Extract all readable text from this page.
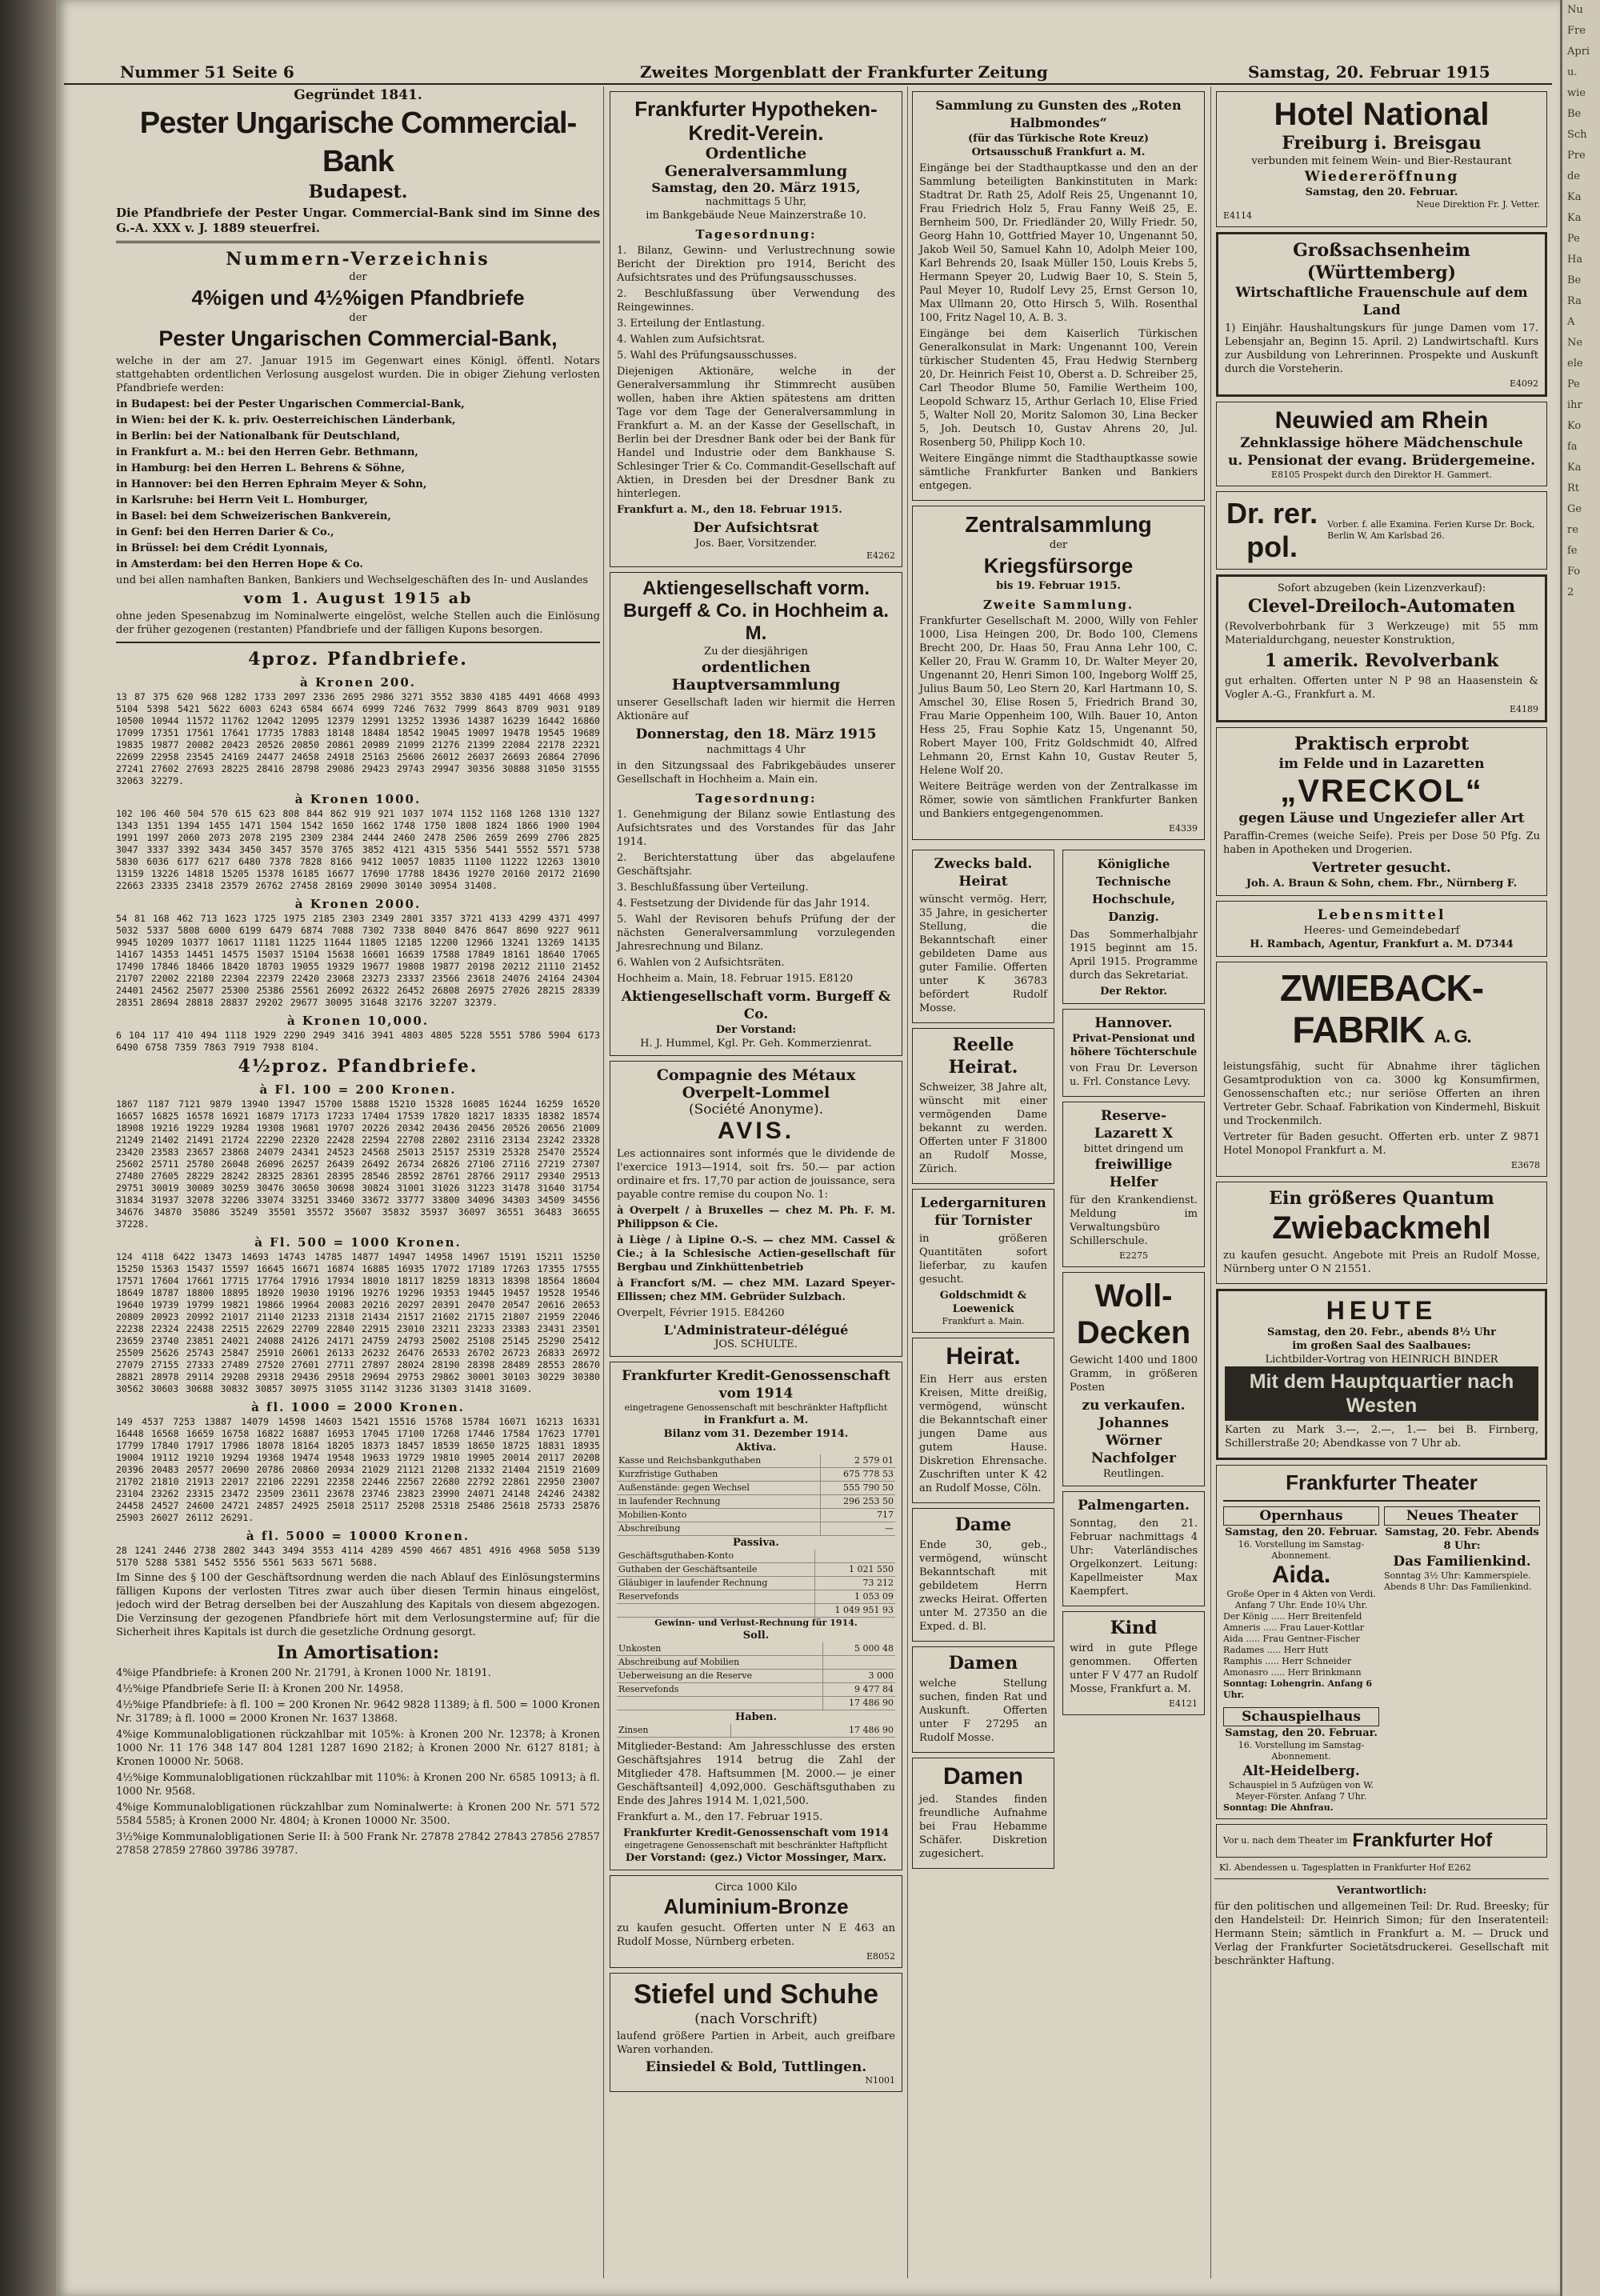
Nu
Fre
Apri
u.
wie
Be
Sch
Pre
de
Ka
Ka
Pe
Ha
Be
Ra
A
Ne
ele
Pe
ihr
Ko
fa
Ka
Rt
Ge
re
fe
Fo
2
Nummer 51 Seite 6	Zweites Morgenblatt der Frankfurter Zeitung	Samstag, 20. Februar 1915
Gegründet 1841.
Pester Ungarische Commercial-Bank
Budapest.
Die Pfandbriefe der Pester Ungar. Commercial-Bank sind im Sinne des G.-A. XXX v. J. 1889 steuerfrei.
Nummern-Verzeichnis
der
4%igen und 4½%igen Pfandbriefe
der
Pester Ungarischen Commercial-Bank,
welche in der am 27. Januar 1915 im Gegenwart eines Königl. öffentl. Notars stattgehabten ordentlichen Verlosung ausgelost wurden. Die in obiger Ziehung verlosten Pfandbriefe werden:
in Budapest: bei der Pester Ungarischen Commercial-Bank,
in Wien: bei der K. k. priv. Oesterreichischen Länderbank,
in Berlin: bei der Nationalbank für Deutschland,
in Frankfurt a. M.: bei den Herren Gebr. Bethmann,
in Hamburg: bei den Herren L. Behrens & Söhne,
in Hannover: bei den Herren Ephraim Meyer & Sohn,
in Karlsruhe: bei Herrn Veit L. Homburger,
in Basel: bei dem Schweizerischen Bankverein,
in Genf: bei den Herren Darier & Co.,
in Brüssel: bei dem Crédit Lyonnais,
in Amsterdam: bei den Herren Hope & Co.
und bei allen namhaften Banken, Bankiers und Wechselgeschäften des In- und Auslandes
vom 1. August 1915 ab
ohne jeden Spesenabzug im Nominalwerte eingelöst, welche Stellen auch die Einlösung der früher gezogenen (restanten) Pfandbriefe und der fälligen Kupons besorgen.
4proz. Pfandbriefe.
à Kronen 200.
13 87 375 620 968 1282 1733 2097 2336 2695 2986 3271 3552 3830 4185 4491 4668 4993 5104 5398 5421 5622 6003 6243 6584 6674 6999 7246 7632 7999 8643 8709 9031 9189 10500 10944 11572 11762 12042 12095 12379 12991 13252 13936 14387 16239 16442 16860 17099 17351 17561 17641 17735 17883 18148 18484 18542 19045 19097 19478 19545 19689 19835 19877 20082 20423 20526 20850 20861 20989 21099 21276 21399 22084 22178 22321 22699 22958 23545 24169 24477 24658 24918 25163 25606 26012 26037 26693 26864 27096 27241 27602 27693 28225 28416 28798 29086 29423 29743 29947 30356 30888 31050 31555 32063 32279.
à Kronen 1000.
102 106 460 504 570 615 623 808 844 862 919 921 1037 1074 1152 1168 1268 1310 1327 1343 1351 1394 1455 1471 1504 1542 1650 1662 1748 1750 1808 1824 1866 1900 1904 1991 1997 2060 2073 2078 2195 2309 2384 2444 2460 2478 2506 2659 2699 2706 2825 3047 3337 3392 3434 3450 3457 3570 3765 3852 4121 4315 5356 5441 5552 5571 5738 5830 6036 6177 6217 6480 7378 7828 8166 9412 10057 10835 11100 11222 12263 13010 13159 13226 14818 15205 15378 16185 16677 17690 17788 18436 19270 20160 20172 21690 22663 23335 23418 23579 26762 27458 28169 29090 30140 30954 31408.
à Kronen 2000.
54 81 168 462 713 1623 1725 1975 2185 2303 2349 2801 3357 3721 4133 4299 4371 4997 5032 5337 5808 6000 6199 6479 6874 7088 7302 7338 8040 8476 8647 8690 9227 9611 9945 10209 10377 10617 11181 11225 11644 11805 12185 12200 12966 13241 13269 14135 14167 14353 14451 14575 15037 15104 15638 16601 16639 17588 17849 18161 18640 17065 17490 17846 18466 18420 18703 19055 19329 19677 19808 19877 20198 20212 21110 21452 21707 22002 22180 22304 22379 22420 23068 23273 23337 23566 23618 24076 24164 24304 24401 24562 25077 25300 25386 25561 26092 26322 26452 26808 26975 27026 28215 28339 28351 28694 28818 28837 29202 29677 30095 31648 32176 32207 32379.
à Kronen 10,000.
6 104 117 410 494 1118 1929 2290 2949 3416 3941 4803 4805 5228 5551 5786 5904 6173 6490 6758 7359 7863 7919 7938 8104.
4½proz. Pfandbriefe.
à Fl. 100 = 200 Kronen.
1867 1187 7121 9879 13940 13947 15700 15888 15210 15328 16085 16244 16259 16520 16657 16825 16578 16921 16879 17173 17233 17404 17539 17820 18217 18335 18382 18574 18908 19216 19229 19284 19308 19681 19707 20226 20342 20436 20456 20526 20656 21009 21249 21402 21491 21724 22290 22320 22428 22594 22708 22802 23116 23134 23242 23328 23420 23583 23657 23868 24079 24341 24523 24568 25013 25157 25319 25328 25470 25524 25602 25711 25780 26048 26096 26257 26439 26492 26734 26826 27106 27116 27219 27307 27480 27605 28229 28242 28325 28361 28395 28546 28592 28761 28766 29117 29340 29513 29751 30019 30089 30259 30476 30650 30698 30824 31001 31026 31223 31478 31640 31754 31834 31937 32078 32206 33074 33251 33460 33672 33777 33800 34096 34303 34509 34556 34676 34870 35086 35249 35501 35572 35607 35832 35937 36097 36551 36483 36655 37228.
à Fl. 500 = 1000 Kronen.
124 4118 6422 13473 14693 14743 14785 14877 14947 14958 14967 15191 15211 15250 15250 15363 15437 15597 16645 16671 16874 16885 16935 17072 17189 17263 17355 17555 17571 17604 17661 17715 17764 17916 17934 18010 18117 18259 18313 18398 18564 18604 18649 18787 18800 18895 18920 19030 19196 19276 19296 19353 19445 19457 19528 19546 19640 19739 19799 19821 19866 19964 20083 20216 20297 20391 20470 20547 20616 20653 20809 20923 20992 21017 21140 21233 21318 21434 21517 21602 21715 21807 21959 22046 22238 22324 22438 22515 22629 22709 22840 22915 23010 23211 23233 23383 23431 23501 23659 23740 23851 24021 24088 24126 24171 24759 24793 25002 25108 25145 25290 25412 25509 25626 25743 25847 25910 26061 26133 26232 26476 26533 26702 26723 26833 26972 27079 27155 27333 27489 27520 27601 27711 27897 28024 28190 28398 28489 28553 28670 28821 28978 29114 29208 29318 29436 29518 29694 29753 29862 30001 30103 30229 30380 30562 30603 30688 30832 30857 30975 31055 31142 31236 31303 31418 31609.
à fl. 1000 = 2000 Kronen.
149 4537 7253 13887 14079 14598 14603 15421 15516 15768 15784 16071 16213 16331 16448 16568 16659 16758 16822 16887 16953 17045 17100 17268 17446 17584 17623 17701 17799 17840 17917 17986 18078 18164 18205 18373 18457 18539 18650 18725 18831 18935 19004 19112 19210 19294 19368 19474 19548 19633 19729 19810 19905 20014 20117 20208 20396 20483 20577 20690 20786 20860 20934 21029 21121 21208 21332 21404 21519 21609 21702 21810 21913 22017 22106 22291 22358 22446 22567 22680 22792 22861 22950 23007 23104 23262 23315 23472 23509 23611 23678 23746 23823 23990 24071 24148 24246 24382 24458 24527 24600 24721 24857 24925 25018 25117 25208 25318 25486 25618 25733 25876 25903 26027 26112 26291.
à fl. 5000 = 10000 Kronen.
28 1241 2446 2738 2802 3443 3494 3553 4114 4289 4590 4667 4851 4916 4968 5058 5139 5170 5288 5381 5452 5556 5561 5633 5671 5688.
Im Sinne des § 100 der Geschäftsordnung werden die nach Ablauf des Einlösungstermins fälligen Kupons der verlosten Titres zwar auch über diesen Termin hinaus eingelöst, jedoch wird der Betrag derselben bei der Auszahlung des Kapitals von diesem abgezogen. Die Verzinsung der gezogenen Pfandbriefe hört mit dem Verlosungstermine auf; für die Sicherheit ihres Kapitals ist durch die gesetzliche Ordnung gesorgt.
In Amortisation:
4%ige Pfandbriefe: à Kronen 200 Nr. 21791, à Kronen 1000 Nr. 18191.
4½%ige Pfandbriefe Serie II: à Kronen 200 Nr. 14958.
4½%ige Pfandbriefe: à fl. 100 = 200 Kronen Nr. 9642 9828 11389; à fl. 500 = 1000 Kronen Nr. 31789; à fl. 1000 = 2000 Kronen Nr. 1637 13868.
4%ige Kommunalobligationen rückzahlbar mit 105%: à Kronen 200 Nr. 12378; à Kronen 1000 Nr. 11 176 348 147 804 1281 1287 1690 2182; à Kronen 2000 Nr. 6127 8181; à Kronen 10000 Nr. 5068.
4½%ige Kommunalobligationen rückzahlbar mit 110%: à Kronen 200 Nr. 6585 10913; à fl. 1000 Nr. 9568.
4%ige Kommunalobligationen rückzahlbar zum Nominalwerte: à Kronen 200 Nr. 571 572 5584 5585; à Kronen 2000 Nr. 4804; à Kronen 10000 Nr. 3500.
3½%ige Kommunalobligationen Serie II: à 500 Frank Nr. 27878 27842 27843 27856 27857 27858 27859 27860 39786 39787.
Frankfurter Hypotheken-Kredit-Verein.
Ordentliche Generalversammlung
Samstag, den 20. März 1915,
nachmittags 5 Uhr,
im Bankgebäude Neue Mainzerstraße 10.
Tagesordnung:
1. Bilanz, Gewinn- und Verlustrechnung sowie Bericht der Direktion pro 1914, Bericht des Aufsichtsrates und des Prüfungsausschusses.
2. Beschlußfassung über Verwendung des Reingewinnes.
3. Erteilung der Entlastung.
4. Wahlen zum Aufsichtsrat.
5. Wahl des Prüfungsausschusses.
Diejenigen Aktionäre, welche in der Generalversammlung ihr Stimmrecht ausüben wollen, haben ihre Aktien spätestens am dritten Tage vor dem Tage der Generalversammlung in Frankfurt a. M. an der Kasse der Gesellschaft, in Berlin bei der Dresdner Bank oder bei der Bank für Handel und Industrie oder dem Bankhause S. Schlesinger Trier & Co. Commandit-Gesellschaft auf Aktien, in Dresden bei der Dresdner Bank zu hinterlegen.
Frankfurt a. M., den 18. Februar 1915.
Der Aufsichtsrat
Jos. Baer, Vorsitzender.
E4262
Aktiengesellschaft vorm. Burgeff & Co. in Hochheim a. M.
Zu der diesjährigen
ordentlichen Hauptversammlung
unserer Gesellschaft laden wir hiermit die Herren Aktionäre auf
Donnerstag, den 18. März 1915
nachmittags 4 Uhr
in den Sitzungssaal des Fabrikgebäudes unserer Gesellschaft in Hochheim a. Main ein.
Tagesordnung:
1. Genehmigung der Bilanz sowie Entlastung des Aufsichtsrates und des Vorstandes für das Jahr 1914.
2. Berichterstattung über das abgelaufene Geschäftsjahr.
3. Beschlußfassung über Verteilung.
4. Festsetzung der Dividende für das Jahr 1914.
5. Wahl der Revisoren behufs Prüfung der der nächsten Generalversammlung vorzulegenden Jahresrechnung und Bilanz.
6. Wahlen von 2 Aufsichtsräten.
Hochheim a. Main, 18. Februar 1915. E8120
Aktiengesellschaft vorm. Burgeff & Co.
Der Vorstand:
H. J. Hummel, Kgl. Pr. Geh. Kommerzienrat.
Compagnie des Métaux Overpelt-Lommel
(Société Anonyme).
AVIS.
Les actionnaires sont informés que le dividende de l'exercice 1913—1914, soit frs. 50.— par action ordinaire et frs. 17,70 par action de jouissance, sera payable contre remise du coupon No. 1:
à Overpelt / à Bruxelles — chez M. Ph. F. M. Philippson & Cie.
à Liège / à Lipine O.-S. — chez MM. Cassel & Cie.; à la Schlesische Actien-gesellschaft für Bergbau und Zinkhüttenbetrieb
à Francfort s/M. — chez MM. Lazard Speyer-Ellissen; chez MM. Gebrüder Sulzbach.
Overpelt, Février 1915. E84260
L'Administrateur-délégué
JOS. SCHULTE.
Frankfurter Kredit-Genossenschaft vom 1914
eingetragene Genossenschaft mit beschränkter Haftpflicht
in Frankfurt a. M.
Bilanz vom 31. Dezember 1914.
Aktiva.
Kasse und Reichsbankguthaben	2 579 01
Kurzfristige Guthaben	675 778 53
Außenstände: gegen Wechsel	555 790 50
in laufender Rechnung	296 253 50
Mobilien-Konto	717
Abschreibung	—
Passiva.
Geschäftsguthaben-Konto	
Guthaben der Geschäftsanteile	1 021 550
Gläubiger in laufender Rechnung	73 212
Reservefonds	1 053 09
	1 049 951 93
Gewinn- und Verlust-Rechnung für 1914.
Soll.
Unkosten	5 000 48
Abschreibung auf Mobilien	
Ueberweisung an die Reserve	3 000
Reservefonds	9 477 84
	17 486 90
Haben.
Zinsen	17 486 90
Mitglieder-Bestand: Am Jahresschlusse des ersten Geschäftsjahres 1914 betrug die Zahl der Mitglieder 478. Haftsummen [M. 2000.— je einer Geschäftsanteil] 4,092,000. Geschäftsguthaben zu Ende des Jahres 1914 M. 1,021,500.
Frankfurt a. M., den 17. Februar 1915.
Frankfurter Kredit-Genossenschaft vom 1914
eingetragene Genossenschaft mit beschränkter Haftpflicht
Der Vorstand: (gez.) Victor Mossinger, Marx.
Circa 1000 Kilo
Aluminium-Bronze
zu kaufen gesucht. Offerten unter N E 463 an Rudolf Mosse, Nürnberg erbeten.
E8052
Stiefel und Schuhe
(nach Vorschrift)
laufend größere Partien in Arbeit, auch greifbare Waren vorhanden.
Einsiedel & Bold, Tuttlingen.
N1001
Sammlung zu Gunsten des „Roten Halbmondes“
(für das Türkische Rote Kreuz)
Ortsausschuß Frankfurt a. M.
Eingänge bei der Stadthauptkasse und den an der Sammlung beteiligten Bankinstituten in Mark: Stadtrat Dr. Rath 25, Adolf Reis 25, Ungenannt 10, Frau Friedrich Holz 5, Frau Fanny Weiß 25, E. Bernheim 500, Dr. Friedländer 20, Willy Friedr. 50, Georg Hahn 10, Gottfried Mayer 10, Ungenannt 50, Jakob Weil 50, Samuel Kahn 10, Adolph Meier 100, Karl Behrends 20, Isaak Müller 150, Louis Krebs 5, Hermann Speyer 20, Ludwig Baer 10, S. Stein 5, Paul Meyer 10, Rudolf Levy 25, Ernst Gerson 10, Max Ullmann 20, Otto Hirsch 5, Wilh. Rosenthal 100, Fritz Nagel 10, A. B. 3.
Eingänge bei dem Kaiserlich Türkischen Generalkonsulat in Mark: Ungenannt 100, Verein türkischer Studenten 45, Frau Hedwig Sternberg 20, Dr. Heinrich Feist 10, Oberst a. D. Schreiber 25, Carl Theodor Blume 50, Familie Wertheim 100, Leopold Schwarz 15, Arthur Gerlach 10, Elise Fried 5, Walter Noll 20, Moritz Salomon 30, Lina Becker 5, Joh. Deutsch 10, Gustav Ahrens 20, Jul. Rosenberg 50, Philipp Koch 10.
Weitere Eingänge nimmt die Stadthauptkasse sowie sämtliche Frankfurter Banken und Bankiers entgegen.
Zentralsammlung
der
Kriegsfürsorge
bis 19. Februar 1915.
Zweite Sammlung.
Frankfurter Gesellschaft M. 2000, Willy von Fehler 1000, Lisa Heingen 200, Dr. Bodo 100, Clemens Brecht 200, Dr. Haas 50, Frau Anna Lehr 100, C. Keller 20, Frau W. Gramm 10, Dr. Walter Meyer 20, Ungenannt 20, Henri Simon 100, Ingeborg Wolff 25, Julius Baum 50, Leo Stern 20, Karl Hartmann 10, S. Amschel 30, Elise Rosen 5, Friedrich Brand 30, Frau Marie Oppenheim 100, Wilh. Bauer 10, Anton Hess 25, Frau Sophie Katz 15, Ungenannt 50, Robert Mayer 100, Fritz Goldschmidt 40, Alfred Lehmann 20, Ernst Kahn 10, Gustav Reuter 5, Helene Wolf 20.
Weitere Beiträge werden von der Zentralkasse im Römer, sowie von sämtlichen Frankfurter Banken und Bankiers entgegengenommen.
E4339
Zwecks bald. Heirat
wünscht vermög. Herr, 35 Jahre, in gesicherter Stellung, die Bekanntschaft einer gebildeten Dame aus guter Familie. Offerten unter K 36783 befördert Rudolf Mosse.
Reelle Heirat.
Schweizer, 38 Jahre alt, wünscht mit einer vermögenden Dame bekannt zu werden. Offerten unter F 31800 an Rudolf Mosse, Zürich.
Ledergarnituren
für Tornister
in größeren Quantitäten sofort lieferbar, zu kaufen gesucht.
Goldschmidt & Loewenick
Frankfurt a. Main.
Heirat.
Ein Herr aus ersten Kreisen, Mitte dreißig, vermögend, wünscht die Bekanntschaft einer jungen Dame aus gutem Hause. Diskretion Ehrensache. Zuschriften unter K 42 an Rudolf Mosse, Cöln.
Dame
Ende 30, geb., vermögend, wünscht Bekanntschaft mit gebildetem Herrn zwecks Heirat. Offerten unter M. 27350 an die Exped. d. Bl.
Damen
welche Stellung suchen, finden Rat und Auskunft. Offerten unter F 27295 an Rudolf Mosse.
Damen
jed. Standes finden freundliche Aufnahme bei Frau Hebamme Schäfer. Diskretion zugesichert.
Königliche Technische Hochschule, Danzig.
Das Sommerhalbjahr 1915 beginnt am 15. April 1915. Programme durch das Sekretariat.
Der Rektor.
Hannover.
Privat-Pensionat und höhere Töchterschule
von Frau Dr. Leverson u. Frl. Constance Levy.
Reserve-Lazarett X
bittet dringend um
freiwillige Helfer
für den Krankendienst. Meldung im Verwaltungsbüro Schillerschule.
E2275
Woll-Decken
Gewicht 1400 und 1800 Gramm, in größeren Posten
zu verkaufen.
Johannes Wörner Nachfolger
Reutlingen.
Palmengarten.
Sonntag, den 21. Februar nachmittags 4 Uhr: Vaterländisches Orgelkonzert. Leitung: Kapellmeister Max Kaempfert.
Kind
wird in gute Pflege genommen. Offerten unter F V 477 an Rudolf Mosse, Frankfurt a. M.
E4121
Hotel National
Freiburg i. Breisgau
verbunden mit feinem Wein- und Bier-Restaurant
Wiedereröffnung
Samstag, den 20. Februar.
Neue Direktion Fr. J. Vetter.
E4114
Großsachsenheim (Württemberg)
Wirtschaftliche Frauenschule auf dem Land
1) Einjähr. Haushaltungskurs für junge Damen vom 17. Lebensjahr an, Beginn 15. April. 2) Landwirtschaftl. Kurs zur Ausbildung von Lehrerinnen. Prospekte und Auskunft durch die Vorsteherin.
E4092
Neuwied am Rhein
Zehnklassige höhere Mädchenschule
u. Pensionat der evang. Brüdergemeine.
E8105 Prospekt durch den Direktor H. Gammert.
Dr. rer. pol.
Vorber. f. alle Examina. Ferien Kurse Dr. Bock, Berlin W, Am Karlsbad 26.
Sofort abzugeben (kein Lizenzverkauf):
Clevel-Dreiloch-Automaten
(Revolverbohrbank für 3 Werkzeuge) mit 55 mm Materialdurchgang, neuester Konstruktion,
1 amerik. Revolverbank
gut erhalten. Offerten unter N P 98 an Haasenstein & Vogler A.-G., Frankfurt a. M.
E4189
Praktisch erprobt
im Felde und in Lazaretten
„VRECKOL“
gegen Läuse und Ungeziefer aller Art
Paraffin-Cremes (weiche Seife). Preis per Dose 50 Pfg. Zu haben in Apotheken und Drogerien.
Vertreter gesucht.
Joh. A. Braun & Sohn, chem. Fbr., Nürnberg F.
Lebensmittel
Heeres- und Gemeindebedarf
H. Rambach, Agentur, Frankfurt a. M. D7344
ZWIEBACK-FABRIK A. G.
leistungsfähig, sucht für Abnahme ihrer täglichen Gesamtproduktion von ca. 3000 kg Konsumfirmen, Genossenschaften etc.; nur seriöse Offerten an ihren Vertreter Gebr. Schaaf. Fabrikation von Kindermehl, Biskuit und Trockenmilch.
Vertreter für Baden gesucht. Offerten erb. unter Z 9871 Hotel Monopol Frankfurt a. M.
E3678
Ein größeres Quantum
Zwiebackmehl
zu kaufen gesucht. Angebote mit Preis an Rudolf Mosse, Nürnberg unter O N 21551.
HEUTE
Samstag, den 20. Febr., abends 8½ Uhr
im großen Saal des Saalbaues:
Lichtbilder-Vortrag von HEINRICH BINDER
Mit dem Hauptquartier nach Westen
Karten zu Mark 3.—, 2.—, 1.— bei B. Firnberg, Schillerstraße 20; Abendkasse von 7 Uhr ab.
Frankfurter Theater
Opernhaus
Samstag, den 20. Februar.
16. Vorstellung im Samstag-Abonnement.
Aida.
Große Oper in 4 Akten von Verdi. Anfang 7 Uhr. Ende 10¼ Uhr.
Der König ..... Herr Breitenfeld
Amneris ..... Frau Lauer-Kottlar
Aida ..... Frau Gentner-Fischer
Radames ..... Herr Hutt
Ramphis ..... Herr Schneider
Amonasro ..... Herr Brinkmann
Sonntag: Lohengrin. Anfang 6 Uhr.
Schauspielhaus
Samstag, den 20. Februar.
16. Vorstellung im Samstag-Abonnement.
Alt-Heidelberg.
Schauspiel in 5 Aufzügen von W. Meyer-Förster. Anfang 7 Uhr.
Sonntag: Die Ahnfrau.
Neues Theater
Samstag, 20. Febr. Abends 8 Uhr:
Das Familienkind.
Sonntag 3½ Uhr: Kammerspiele. Abends 8 Uhr: Das Familienkind.
Vor u. nach dem Theater im Frankfurter Hof
Kl. Abendessen u. Tagesplatten in Frankfurter Hof E262
Verantwortlich:
für den politischen und allgemeinen Teil: Dr. Rud. Breesky; für den Handelsteil: Dr. Heinrich Simon; für den Inseratenteil: Hermann Stein; sämtlich in Frankfurt a. M. — Druck und Verlag der Frankfurter Societätsdruckerei. Gesellschaft mit beschränkter Haftung.
